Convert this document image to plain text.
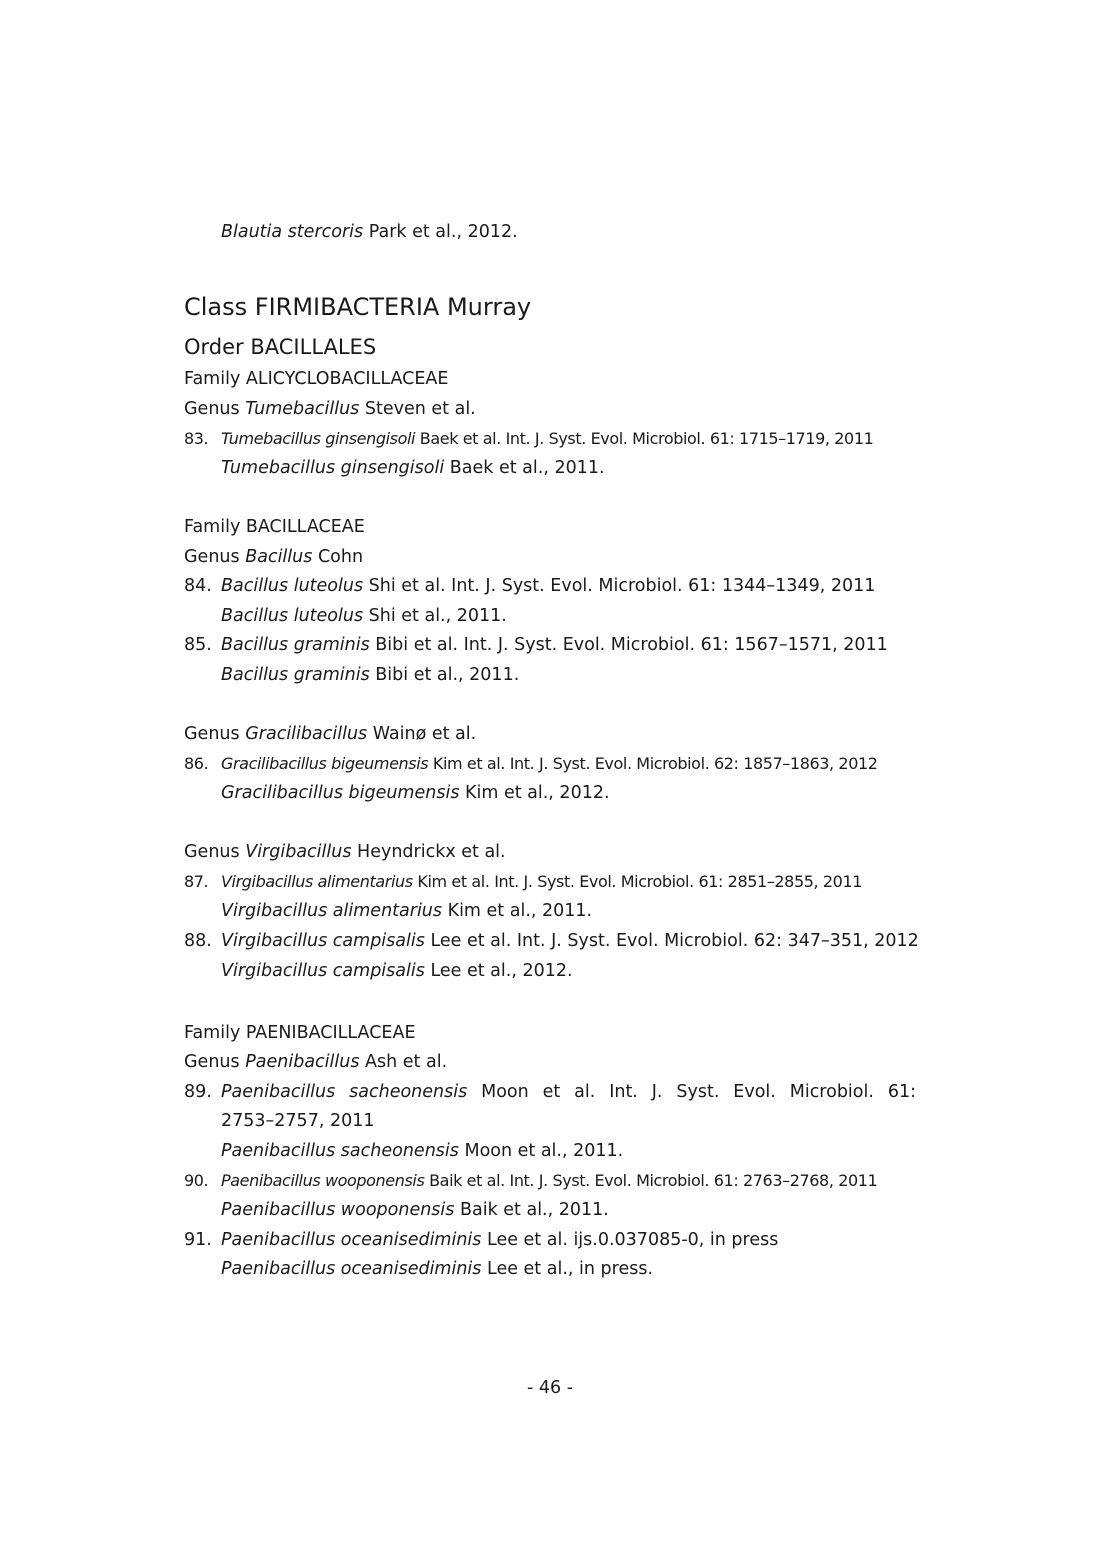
Blautia stercoris Park et al., 2012.
Class FIRMIBACTERIA Murray
Order BACILLALES
Family ALICYCLOBACILLACEAE
Genus Tumebacillus Steven et al.
83. Tumebacillus ginsengisoli Baek et al. Int. J. Syst. Evol. Microbiol. 61: 1715–1719, 2011
Tumebacillus ginsengisoli Baek et al., 2011.
Family BACILLACEAE
Genus Bacillus Cohn
84. Bacillus luteolus Shi et al. Int. J. Syst. Evol. Microbiol. 61: 1344–1349, 2011
Bacillus luteolus Shi et al., 2011.
85. Bacillus graminis Bibi et al. Int. J. Syst. Evol. Microbiol. 61: 1567–1571, 2011
Bacillus graminis Bibi et al., 2011.
Genus Gracilibacillus Wainø et al.
86. Gracilibacillus bigeumensis Kim et al. Int. J. Syst. Evol. Microbiol. 62: 1857–1863, 2012
Gracilibacillus bigeumensis Kim et al., 2012.
Genus Virgibacillus Heyndrickx et al.
87. Virgibacillus alimentarius Kim et al. Int. J. Syst. Evol. Microbiol. 61: 2851–2855, 2011
Virgibacillus alimentarius Kim et al., 2011.
88. Virgibacillus campisalis Lee et al. Int. J. Syst. Evol. Microbiol. 62: 347–351, 2012
Virgibacillus campisalis Lee et al., 2012.
Family PAENIBACILLACEAE
Genus Paenibacillus Ash et al.
89. Paenibacillus sacheonensis Moon et al. Int. J. Syst. Evol. Microbiol. 61:
2753–2757, 2011
Paenibacillus sacheonensis Moon et al., 2011.
90. Paenibacillus wooponensis Baik et al. Int. J. Syst. Evol. Microbiol. 61: 2763–2768, 2011
Paenibacillus wooponensis Baik et al., 2011.
91. Paenibacillus oceanisediminis Lee et al. ijs.0.037085-0, in press
Paenibacillus oceanisediminis Lee et al., in press.
- 46 -
